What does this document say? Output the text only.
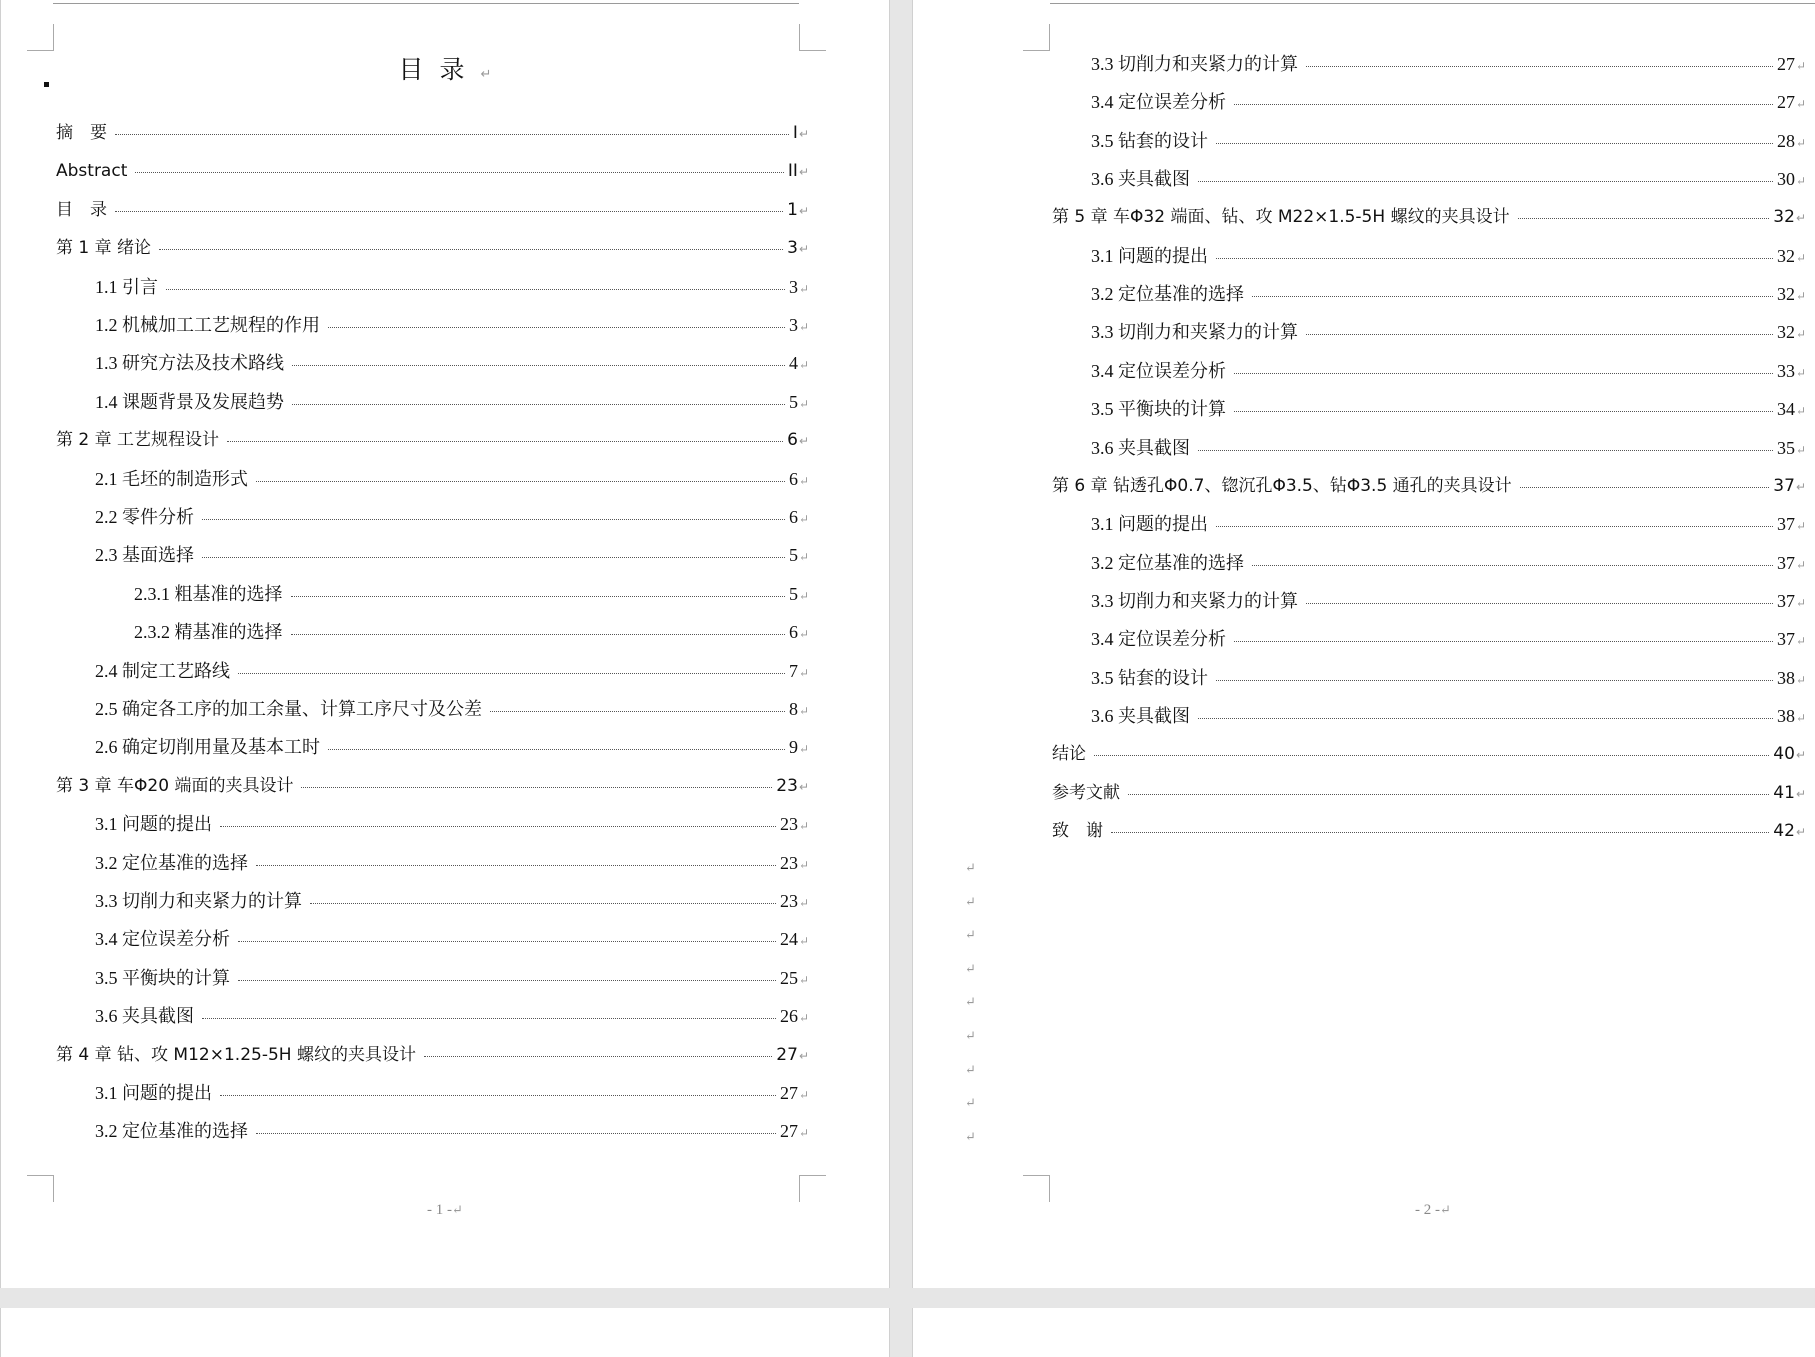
目录↵
摘　要	I ↵
Abstract	II ↵
目　录	1 ↵
第 1 章 绪论	3 ↵
1.1 引言	3 ↵
1.2 机械加工工艺规程的作用	3 ↵
1.3 研究方法及技术路线	4 ↵
1.4 课题背景及发展趋势	5 ↵
第 2 章 工艺规程设计	6 ↵
2.1 毛坯的制造形式	6 ↵
2.2 零件分析	6 ↵
2.3 基面选择	5 ↵
2.3.1 粗基准的选择	5 ↵
2.3.2 精基准的选择	6 ↵
2.4 制定工艺路线	7 ↵
2.5 确定各工序的加工余量、计算工序尺寸及公差	8 ↵
2.6 确定切削用量及基本工时	9 ↵
第 3 章 车Φ20 端面的夹具设计	23 ↵
3.1 问题的提出	23 ↵
3.2 定位基准的选择	23 ↵
3.3 切削力和夹紧力的计算	23 ↵
3.4 定位误差分析	24 ↵
3.5 平衡块的计算	25 ↵
3.6 夹具截图	26 ↵
第 4 章 钻、攻 M12×1.25-5H 螺纹的夹具设计	27 ↵
3.1 问题的提出	27 ↵
3.2 定位基准的选择	27 ↵
- 1 -↵
3.3 切削力和夹紧力的计算	27 ↵
3.4 定位误差分析	27 ↵
3.5 钻套的设计	28 ↵
3.6 夹具截图	30 ↵
第 5 章 车Φ32 端面、钻、攻 M22×1.5-5H 螺纹的夹具设计	32 ↵
3.1 问题的提出	32 ↵
3.2 定位基准的选择	32 ↵
3.3 切削力和夹紧力的计算	32 ↵
3.4 定位误差分析	33 ↵
3.5 平衡块的计算	34 ↵
3.6 夹具截图	35 ↵
第 6 章 钻透孔Φ0.7、锪沉孔Φ3.5、钻Φ3.5 通孔的夹具设计	37 ↵
3.1 问题的提出	37 ↵
3.2 定位基准的选择	37 ↵
3.3 切削力和夹紧力的计算	37 ↵
3.4 定位误差分析	37 ↵
3.5 钻套的设计	38 ↵
3.6 夹具截图	38 ↵
结论	40 ↵
参考文献	41 ↵
致　谢	42 ↵
↵
↵
↵
↵
↵
↵
↵
↵
↵
- 2 -↵
